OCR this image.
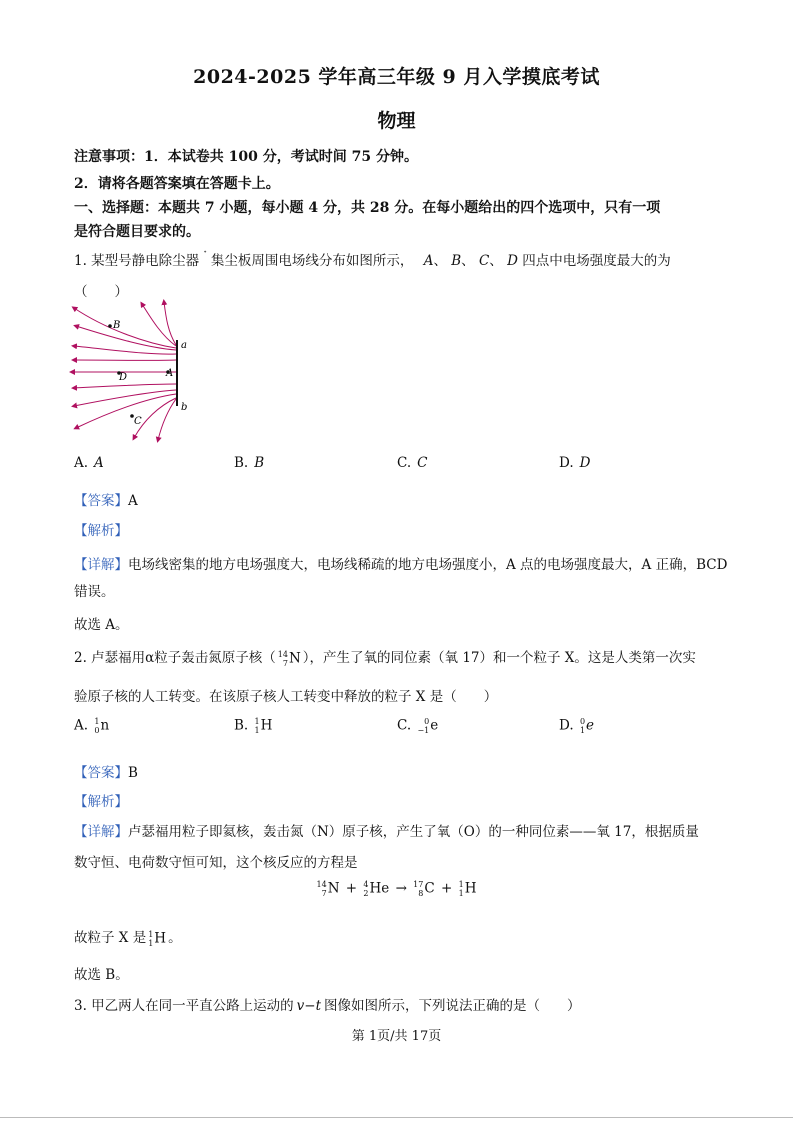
2024-2025 学年高三年级 9 月入学摸底考试
物理
注意事项：1．本试卷共 100 分，考试时间 75 分钟。
2．请将各题答案填在答题卡上。
一、选择题：本题共 7 小题，每小题 4 分，共 28 分。在每小题给出的四个选项中，只有一项
是符合题目要求的。
1. 某型号静电除尘器 $^ᐩ$ 集尘板周围电场线分布如图所示， A、 B、 C、 D 四点中电场强度最大的为
（　　）
a
b
A
B
D
C
A. A	B. B	C. C	D. D
【答案】A
【解析】
【详解】电场线密集的地方电场强度大，电场线稀疏的地方电场强度小，A 点的电场强度最大，A 正确，BCD
错误。
故选 A。
2. 卢瑟福用α粒子轰击氮原子核（ 14
7 N ），产生了氧的同位素（氧 17）和一个粒子 X。这是人类第一次实
验原子核的人工转变。在该原子核人工转变中释放的粒子 X 是（　　）
A. 1
0 n	B. 1
1 H	C.	0
−1 e	D. 0
1 e
【答案】B
【解析】
【详解】卢瑟福用粒子即氦核，轰击氮（N）原子核，产生了氧（O）的一种同位素——氧 17，根据质量
数守恒、电荷数守恒可知，这个核反应的方程是
14
7 N + 4
2 He → 17
8 C + 1
1 H
故粒子 X 是 1
1 H 。
故选 B。
3. 甲乙两人在同一平直公路上运动的 v−t 图像如图所示，下列说法正确的是（　　）
第 1页/共 17页
